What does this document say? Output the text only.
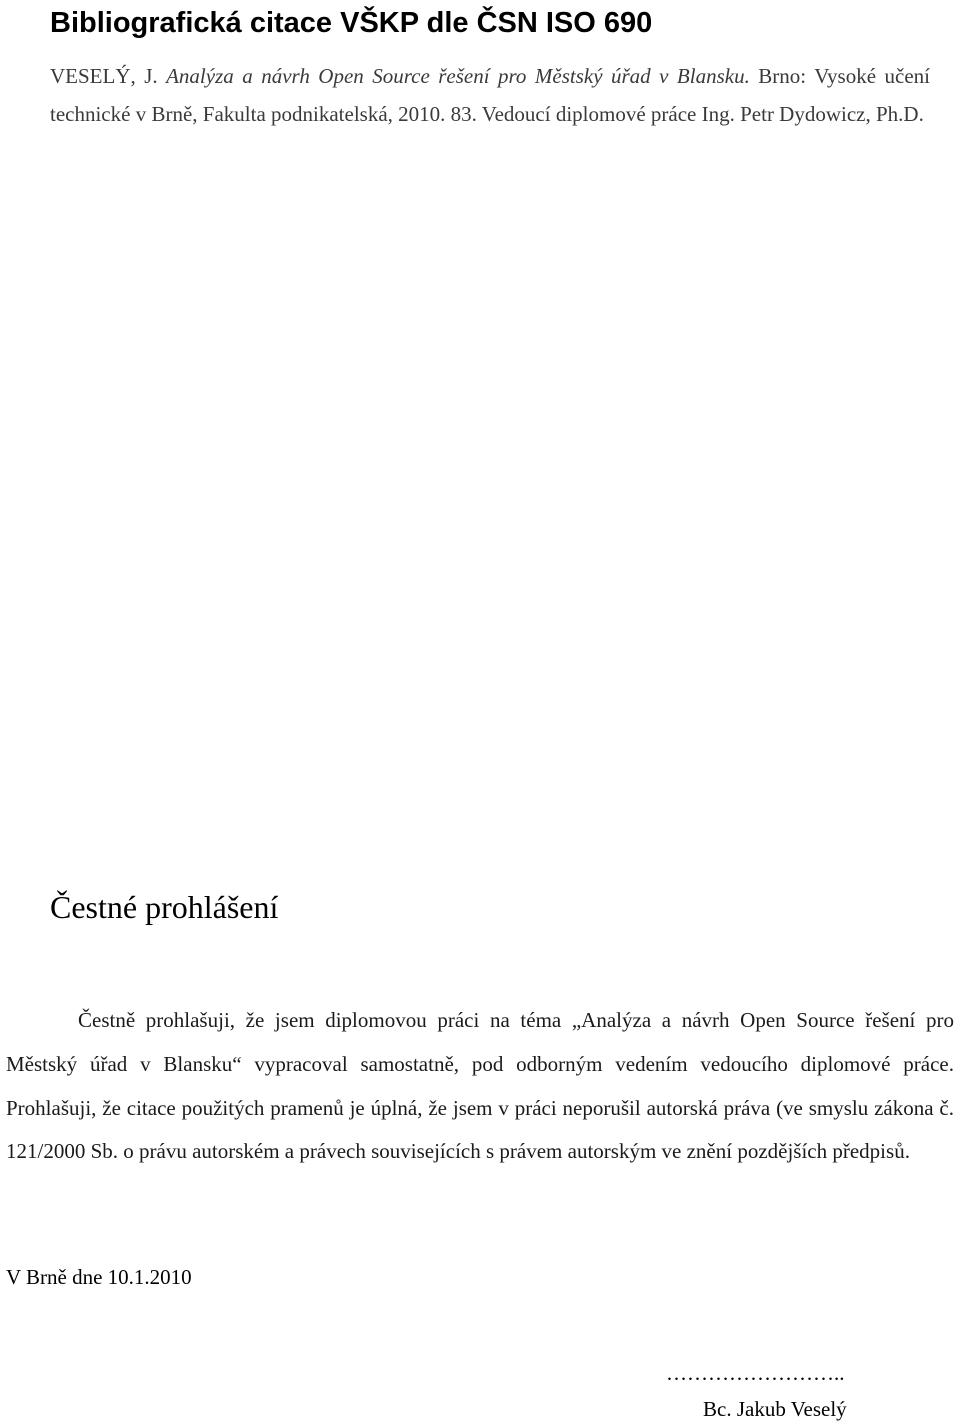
Bibliografická citace VŠKP dle ČSN ISO 690

VESELÝ, J. Analýza a návrh Open Source řešení pro Městský úřad v Blansku. Brno: Vysoké učení technické v Brně, Fakulta podnikatelská, 2010. 83. Vedoucí diplomové práce Ing. Petr Dydowicz, Ph.D.

Čestné prohlášení

Čestně prohlašuji, že jsem diplomovou práci na téma „Analýza a návrh Open Source řešení pro Městský úřad v Blansku“ vypracoval samostatně, pod odborným vedením vedoucího diplomové práce. Prohlašuji, že citace použitých pramenů je úplná, že jsem v práci neporušil autorská práva (ve smyslu zákona č. 121/2000 Sb. o právu autorském a právech souvisejících s právem autorským ve znění pozdějších předpisů.

V Brně dne 10.1.2010

……………………..

Bc. Jakub Veselý
